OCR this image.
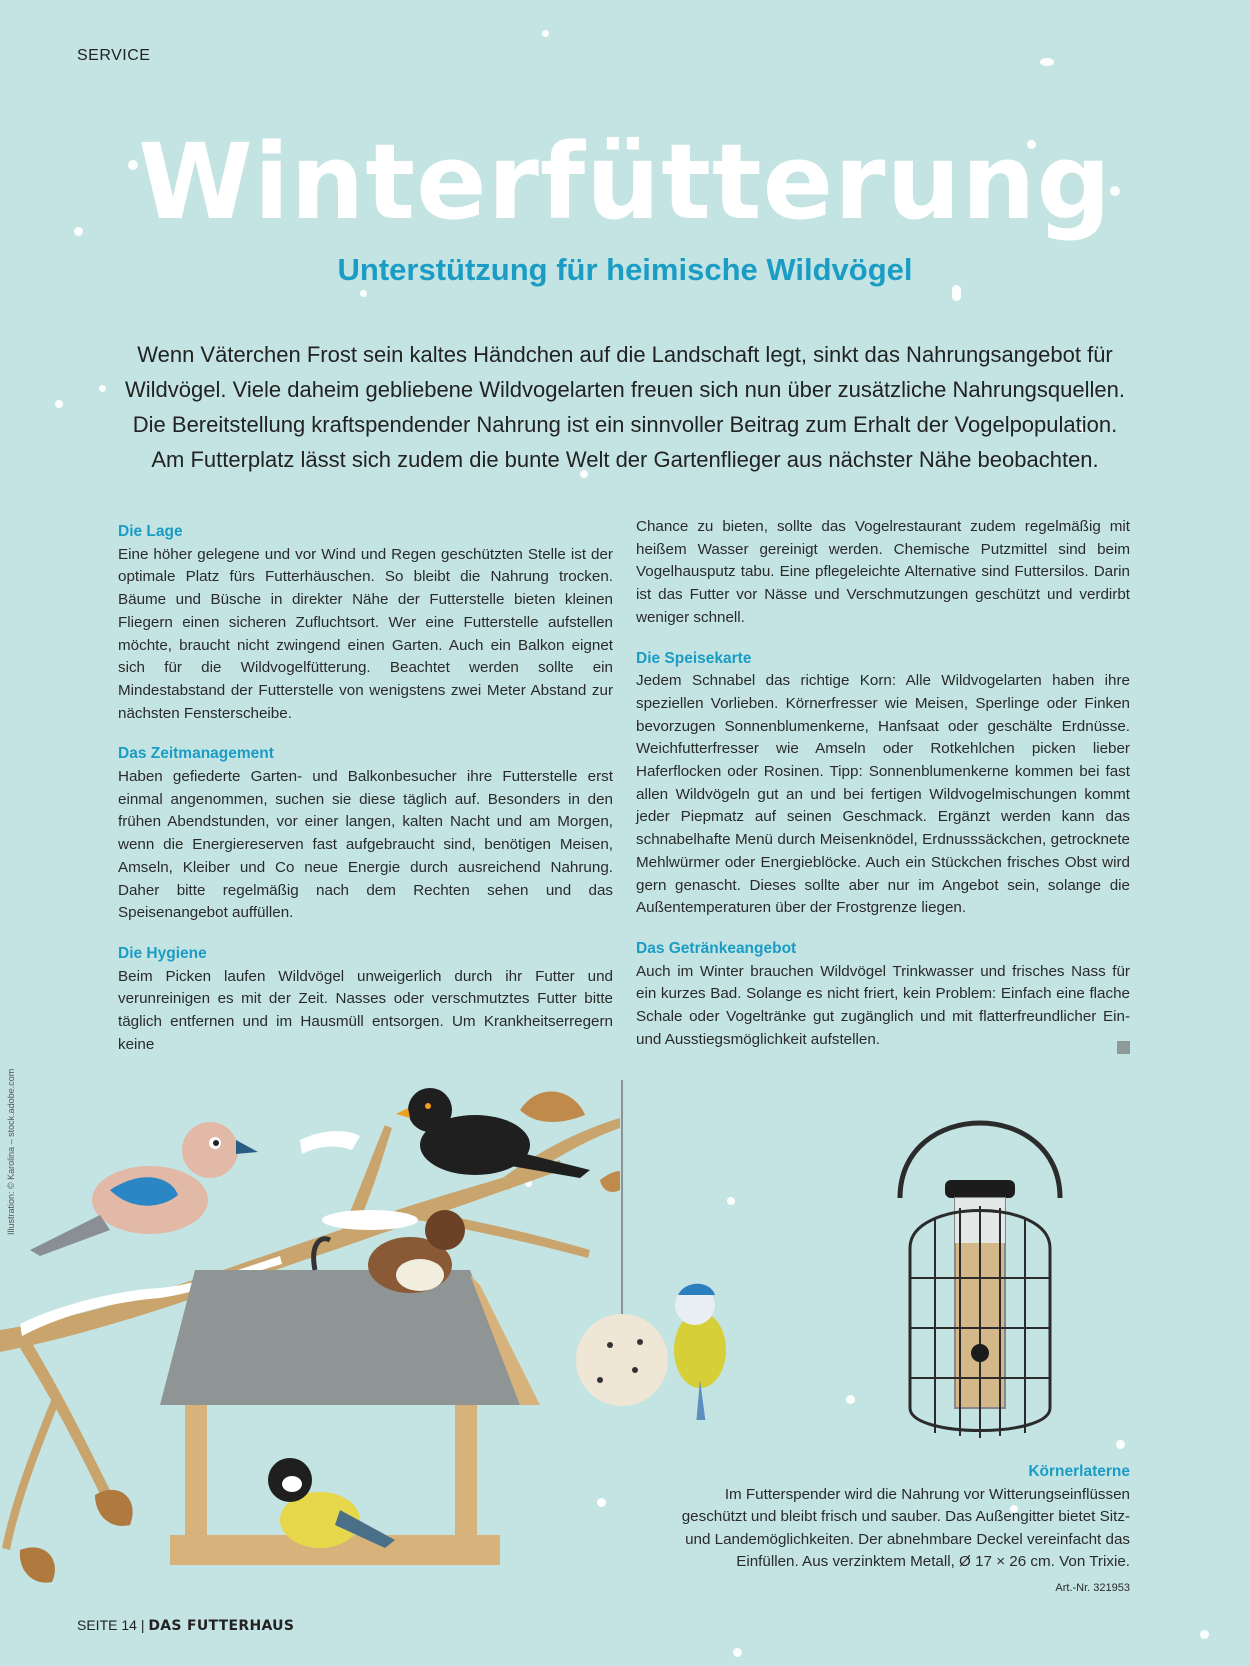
SERVICE
Winterfütterung
Unterstützung für heimische Wildvögel

Wenn Väterchen Frost sein kaltes Händchen auf die Landschaft legt, sinkt das Nahrungsangebot für Wildvögel. Viele daheim gebliebene Wildvogelarten freuen sich nun über zusätzliche Nahrungsquellen. Die Bereitstellung kraftspendender Nahrung ist ein sinnvoller Beitrag zum Erhalt der Vogelpopulation. Am Futterplatz lässt sich zudem die bunte Welt der Gartenflieger aus nächster Nähe beobachten.

Die Lage

Eine höher gelegene und vor Wind und Regen geschützten Stelle ist der optimale Platz fürs Futterhäuschen. So bleibt die Nahrung trocken. Bäume und Büsche in direkter Nähe der Futterstelle bieten kleinen Fliegern einen sicheren Zufluchtsort. Wer eine Futterstelle aufstellen möchte, braucht nicht zwingend einen Garten. Auch ein Balkon eignet sich für die Wildvogelfütterung. Beachtet werden sollte ein Mindestabstand der Futterstelle von wenigstens zwei Meter Abstand zur nächsten Fensterscheibe.

Das Zeitmanagement

Haben gefiederte Garten- und Balkonbesucher ihre Futterstelle erst einmal angenommen, suchen sie diese täglich auf. Besonders in den frühen Abendstunden, vor einer langen, kalten Nacht und am Morgen, wenn die Energiereserven fast aufgebraucht sind, benötigen Meisen, Amseln, Kleiber und Co neue Energie durch ausreichend Nahrung. Daher bitte regelmäßig nach dem Rechten sehen und das Speisenangebot auffüllen.

Die Hygiene

Beim Picken laufen Wildvögel unweigerlich durch ihr Futter und verunreinigen es mit der Zeit. Nasses oder verschmutztes Futter bitte täglich entfernen und im Hausmüll entsorgen. Um Krankheitserregern keine

Chance zu bieten, sollte das Vogelrestaurant zudem regelmäßig mit heißem Wasser gereinigt werden. Chemische Putzmittel sind beim Vogelhausputz tabu. Eine pflegeleichte Alternative sind Futtersilos. Darin ist das Futter vor Nässe und Verschmutzungen geschützt und verdirbt weniger schnell.

Die Speisekarte

Jedem Schnabel das richtige Korn: Alle Wildvogelarten haben ihre speziellen Vorlieben. Körnerfresser wie Meisen, Sperlinge oder Finken bevorzugen Sonnenblumenkerne, Hanfsaat oder geschälte Erdnüsse. Weichfutterfresser wie Amseln oder Rotkehlchen picken lieber Haferflocken oder Rosinen. Tipp: Sonnenblumenkerne kommen bei fast allen Wildvögeln gut an und bei fertigen Wildvogelmischungen kommt jeder Piepmatz auf seinen Geschmack. Ergänzt werden kann das schnabelhafte Menü durch Meisenknödel, Erdnusssäckchen, getrocknete Mehlwürmer oder Energieblöcke. Auch ein Stückchen frisches Obst wird gern genascht. Dieses sollte aber nur im Angebot sein, solange die Außentemperaturen über der Frostgrenze liegen.

Das Getränkeangebot

Auch im Winter brauchen Wildvögel Trinkwasser und frisches Nass für ein kurzes Bad. Solange es nicht friert, kein Problem: Einfach eine flache Schale oder Vogeltränke gut zugänglich und mit flatterfreundlicher Ein- und Ausstiegsmöglichkeit aufstellen.

Illustration: © Karolina – stock.adobe.com
Körnerlaterne
Im Futterspender wird die Nahrung vor Witterungseinflüssen geschützt und bleibt frisch und sauber. Das Außengitter bietet Sitz- und Landemöglichkeiten. Der abnehmbare Deckel vereinfacht das Einfüllen. Aus verzinktem Metall, Ø 17 × 26 cm. Von Trixie.
Art.-Nr. 321953
SEITE 14 | DAS FUTTERHAUS
